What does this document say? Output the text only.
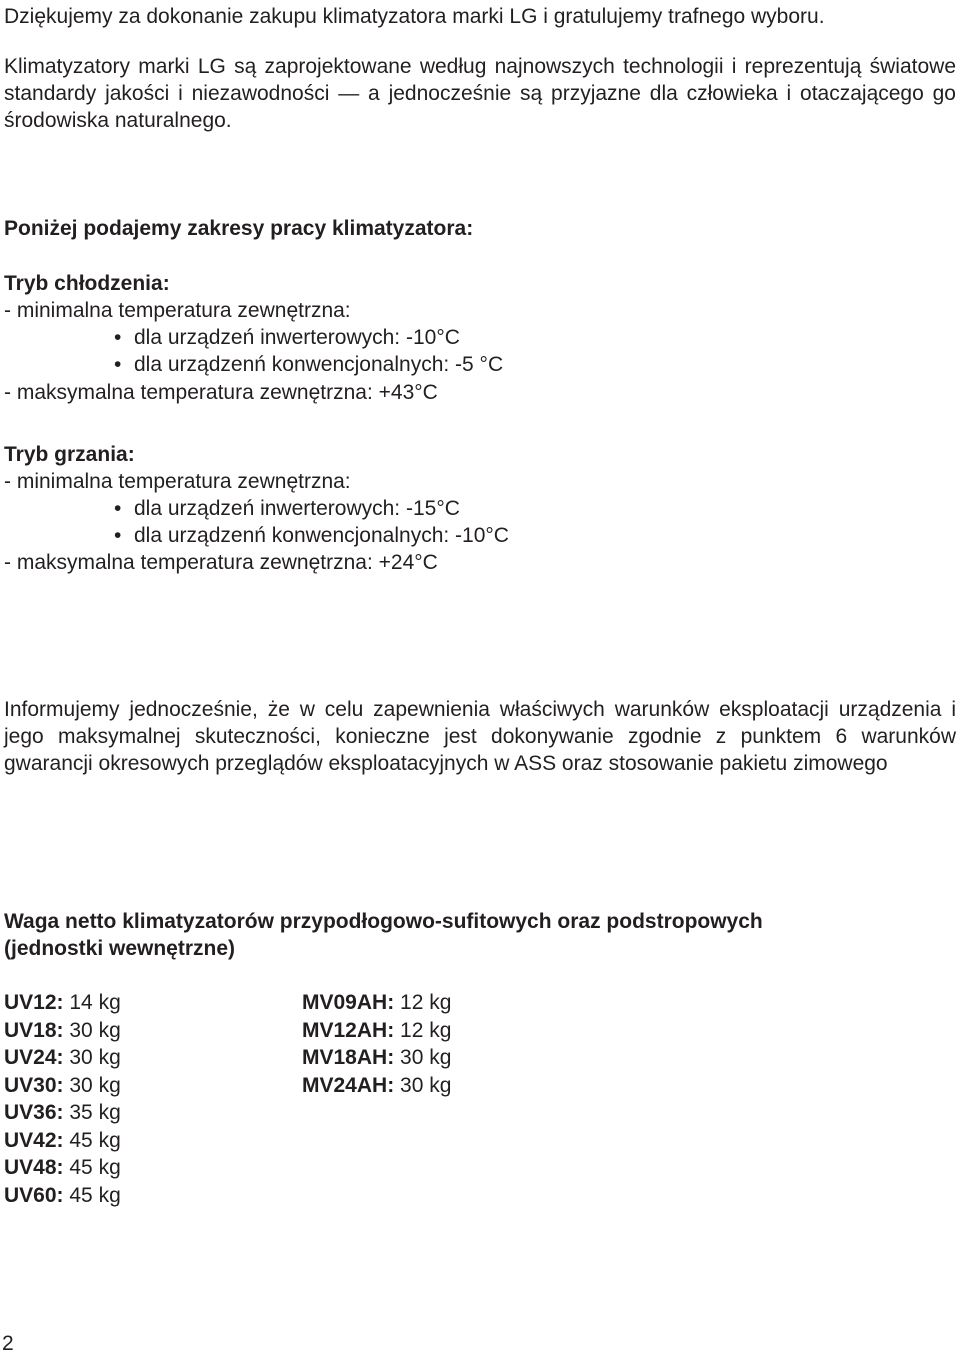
Dziękujemy za dokonanie zakupu klimatyzatora marki LG i gratulujemy trafnego wyboru.

Klimatyzatory marki LG są zaprojektowane według najnowszych technologii i reprezentują światowe standardy jakości i niezawodności — a jednocześnie są przyjazne dla człowieka i otaczającego go środowiska naturalnego.

Poniżej podajemy zakresy pracy klimatyzatora:

Tryb chłodzenia:

- minimalna temperatura zewnętrzna:

• dla urządzeń inwerterowych: -10°C

• dla urządzenń konwencjonalnych: -5 °C

- maksymalna temperatura zewnętrzna: +43°C

Tryb grzania:

- minimalna temperatura zewnętrzna:

• dla urządzeń inwerterowych: -15°C

• dla urządzenń konwencjonalnych: -10°C

- maksymalna temperatura zewnętrzna: +24°C

Informujemy jednocześnie, że w celu zapewnienia właściwych warunków eksploatacji urządzenia i jego maksymalnej skuteczności, konieczne jest dokonywanie zgodnie z punktem 6 warunków gwarancji okresowych przeglądów eksploatacyjnych w ASS oraz stosowanie pakietu zimowego

Waga netto klimatyzatorów przypodłogowo-sufitowych oraz podstropowych

(jednostki wewnętrzne)

UV12: 14 kg
UV18: 30 kg
UV24: 30 kg
UV30: 30 kg
UV36: 35 kg
UV42: 45 kg
UV48: 45 kg
UV60: 45 kg
MV09AH: 12 kg
MV12AH: 12 kg
MV18AH: 30 kg
MV24AH: 30 kg
2
